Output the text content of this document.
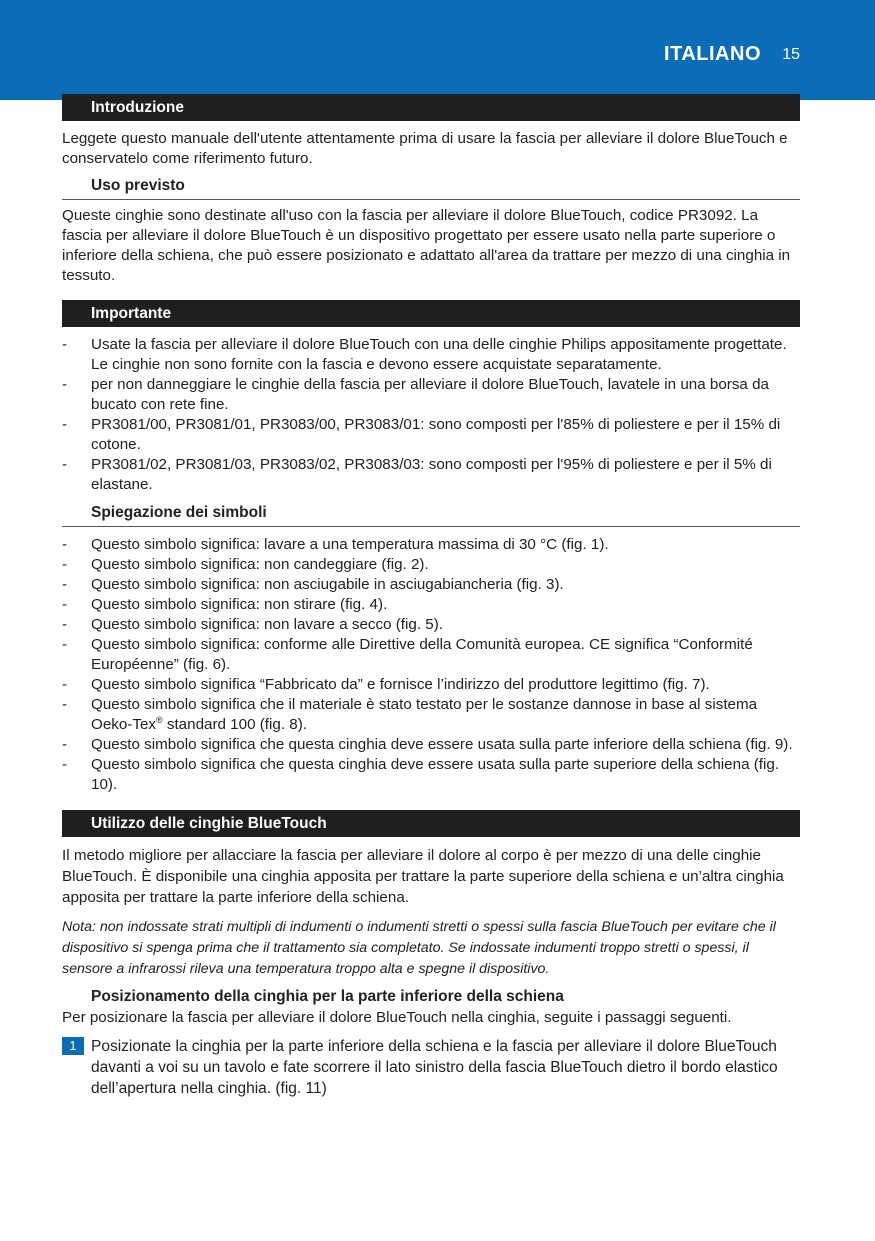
ITALIANO 15
Introduzione

Leggete questo manuale dell'utente attentamente prima di usare la fascia per alleviare il dolore BlueTouch e conservatelo come riferimento futuro.

Uso previsto

Queste cinghie sono destinate all'uso con la fascia per alleviare il dolore BlueTouch, codice PR3092. La fascia per alleviare il dolore BlueTouch è un dispositivo progettato per essere usato nella parte superiore o inferiore della schiena, che può essere posizionato e adattato all'area da trattare per mezzo di una cinghia in tessuto.

Importante
- Usate la fascia per alleviare il dolore BlueTouch con una delle cinghie Philips appositamente progettate. Le cinghie non sono fornite con la fascia e devono essere acquistate separatamente.
- per non danneggiare le cinghie della fascia per alleviare il dolore BlueTouch, lavatele in una borsa da bucato con rete fine.
- PR3081/00, PR3081/01, PR3083/00, PR3083/01: sono composti per l'85% di poliestere e per il 15% di cotone.
- PR3081/02, PR3081/03, PR3083/02, PR3083/03: sono composti per l'95% di poliestere e per il 5% di elastane.
Spiegazione dei simboli
- Questo simbolo significa: lavare a una temperatura massima di 30 °C (fig. 1).
- Questo simbolo significa: non candeggiare (fig. 2).
- Questo simbolo significa: non asciugabile in asciugabiancheria (fig. 3).
- Questo simbolo significa: non stirare (fig. 4).
- Questo simbolo significa: non lavare a secco (fig. 5).
- Questo simbolo significa: conforme alle Direttive della Comunità europea. CE significa “Conformité Européenne” (fig. 6).
- Questo simbolo significa “Fabbricato da” e fornisce l’indirizzo del produttore legittimo (fig. 7).
- Questo simbolo significa che il materiale è stato testato per le sostanze dannose in base al sistema Oeko-Tex® standard 100 (fig. 8).
- Questo simbolo significa che questa cinghia deve essere usata sulla parte inferiore della schiena (fig. 9).
- Questo simbolo significa che questa cinghia deve essere usata sulla parte superiore della schiena (fig. 10).
Utilizzo delle cinghie BlueTouch

Il metodo migliore per allacciare la fascia per alleviare il dolore al corpo è per mezzo di una delle cinghie BlueTouch. È disponibile una cinghia apposita per trattare la parte superiore della schiena e un’altra cinghia apposita per trattare la parte inferiore della schiena.

Nota: non indossate strati multipli di indumenti o indumenti stretti o spessi sulla fascia BlueTouch per evitare che il dispositivo si spenga prima che il trattamento sia completato. Se indossate indumenti troppo stretti o spessi, il sensore a infrarossi rileva una temperatura troppo alta e spegne il dispositivo.

Posizionamento della cinghia per la parte inferiore della schiena

Per posizionare la fascia per alleviare il dolore BlueTouch nella cinghia, seguite i passaggi seguenti.

1 Posizionate la cinghia per la parte inferiore della schiena e la fascia per alleviare il dolore BlueTouch davanti a voi su un tavolo e fate scorrere il lato sinistro della fascia BlueTouch dietro il bordo elastico dell’apertura nella cinghia. (fig. 11)
